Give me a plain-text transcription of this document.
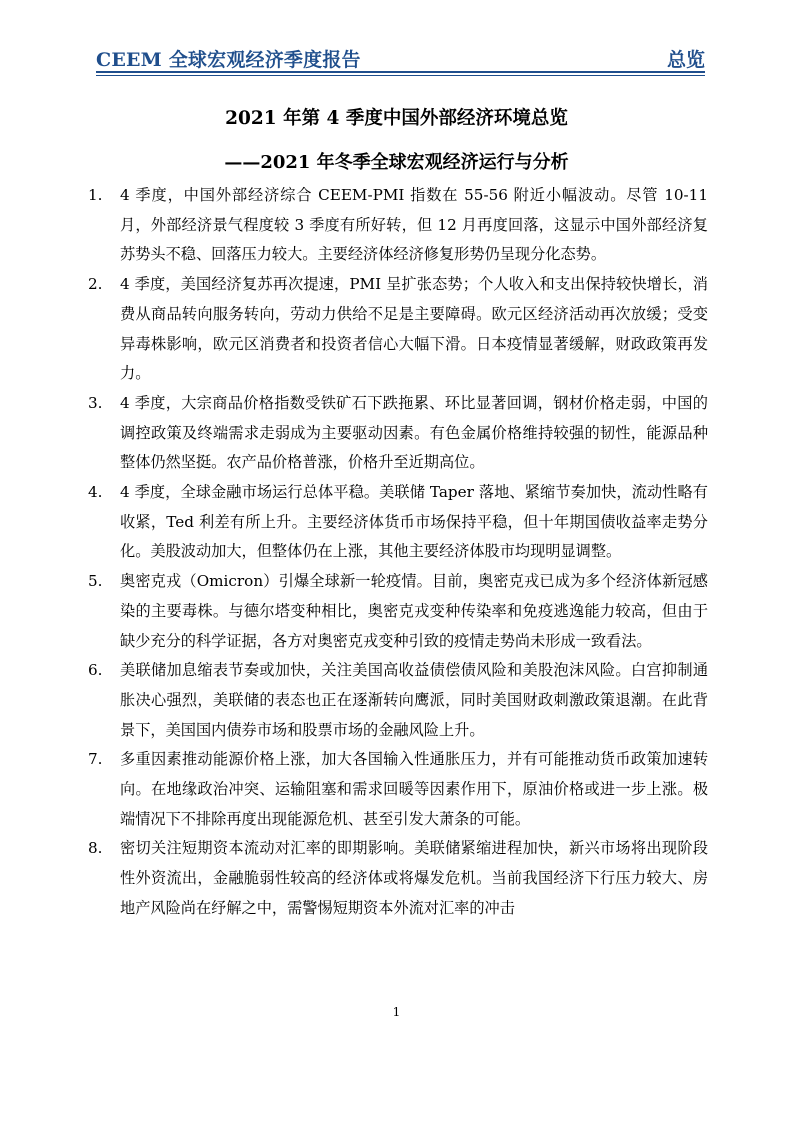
CEEM 全球宏观经济季度报告	总览
2021 年第 4 季度中国外部经济环境总览
——2021 年冬季全球宏观经济运行与分析
1. 4 季度，中国外部经济综合 CEEM-PMI 指数在 55-56 附近小幅波动。尽管 10-11 月，外部经济景气程度较 3 季度有所好转，但 12 月再度回落，这显示中国外部经济复苏势头不稳、回落压力较大。主要经济体经济修复形势仍呈现分化态势。
2. 4 季度，美国经济复苏再次提速，PMI 呈扩张态势；个人收入和支出保持较快增长，消费从商品转向服务转向，劳动力供给不足是主要障碍。欧元区经济活动再次放缓；受变异毒株影响，欧元区消费者和投资者信心大幅下滑。日本疫情显著缓解，财政政策再发力。
3. 4 季度，大宗商品价格指数受铁矿石下跌拖累、环比显著回调，钢材价格走弱，中国的调控政策及终端需求走弱成为主要驱动因素。有色金属价格维持较强的韧性，能源品种整体仍然坚挺。农产品价格普涨，价格升至近期高位。
4. 4 季度，全球金融市场运行总体平稳。美联储 Taper 落地、紧缩节奏加快，流动性略有收紧，Ted 利差有所上升。主要经济体货币市场保持平稳，但十年期国债收益率走势分化。美股波动加大，但整体仍在上涨，其他主要经济体股市均现明显调整。
5. 奥密克戎（Omicron）引爆全球新一轮疫情。目前，奥密克戎已成为多个经济体新冠感染的主要毒株。与德尔塔变种相比，奥密克戎变种传染率和免疫逃逸能力较高，但由于缺少充分的科学证据，各方对奥密克戎变种引致的疫情走势尚未形成一致看法。
6. 美联储加息缩表节奏或加快，关注美国高收益债偿债风险和美股泡沫风险。白宫抑制通胀决心强烈，美联储的表态也正在逐渐转向鹰派，同时美国财政刺激政策退潮。在此背景下，美国国内债券市场和股票市场的金融风险上升。
7. 多重因素推动能源价格上涨，加大各国输入性通胀压力，并有可能推动货币政策加速转向。在地缘政治冲突、运输阻塞和需求回暖等因素作用下，原油价格或进一步上涨。极端情况下不排除再度出现能源危机、甚至引发大萧条的可能。
8. 密切关注短期资本流动对汇率的即期影响。美联储紧缩进程加快，新兴市场将出现阶段性外资流出，金融脆弱性较高的经济体或将爆发危机。当前我国经济下行压力较大、房地产风险尚在纾解之中，需警惕短期资本外流对汇率的冲击
1
